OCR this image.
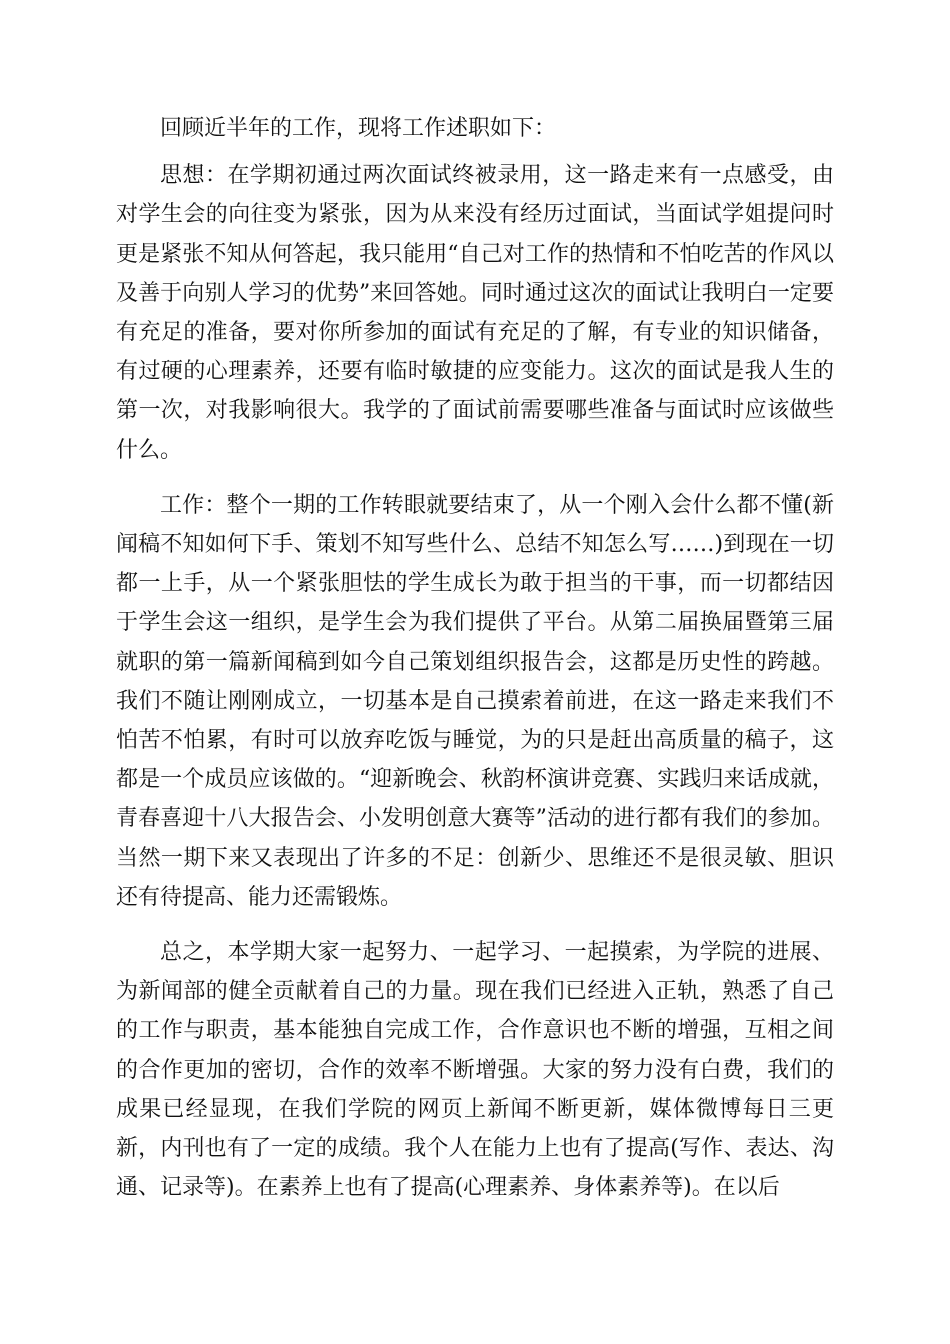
回顾近半年的工作，现将工作述职如下：

思想：在学期初通过两次面试终被录用，这一路走来有一点感受，由对学生会的向往变为紧张，因为从来没有经历过面试，当面试学姐提问时更是紧张不知从何答起，我只能用“自己对工作的热情和不怕吃苦的作风以及善于向别人学习的优势”来回答她。同时通过这次的面试让我明白一定要有充足的准备，要对你所参加的面试有充足的了解，有专业的知识储备，有过硬的心理素养，还要有临时敏捷的应变能力。这次的面试是我人生的第一次，对我影响很大。我学的了面试前需要哪些准备与面试时应该做些什么。

工作：整个一期的工作转眼就要结束了，从一个刚入会什么都不懂(新闻稿不知如何下手、策划不知写些什么、总结不知怎么写……)到现在一切都一上手，从一个紧张胆怯的学生成长为敢于担当的干事，而一切都结因于学生会这一组织，是学生会为我们提供了平台。从第二届换届暨第三届就职的第一篇新闻稿到如今自己策划组织报告会，这都是历史性的跨越。我们不随让刚刚成立，一切基本是自己摸索着前进，在这一路走来我们不怕苦不怕累，有时可以放弃吃饭与睡觉，为的只是赶出高质量的稿子，这都是一个成员应该做的。“迎新晚会、秋韵杯演讲竞赛、实践归来话成就，青春喜迎十八大报告会、小发明创意大赛等”活动的进行都有我们的参加。当然一期下来又表现出了许多的不足：创新少、思维还不是很灵敏、胆识还有待提高、能力还需锻炼。

总之，本学期大家一起努力、一起学习、一起摸索，为学院的进展、为新闻部的健全贡献着自己的力量。现在我们已经进入正轨，熟悉了自己的工作与职责，基本能独自完成工作，合作意识也不断的增强，互相之间的合作更加的密切，合作的效率不断增强。大家的努力没有白费，我们的成果已经显现，在我们学院的网页上新闻不断更新，媒体微博每日三更新，内刊也有了一定的成绩。我个人在能力上也有了提高(写作、表达、沟通、记录等)。在素养上也有了提高(心理素养、身体素养等)。在以后
